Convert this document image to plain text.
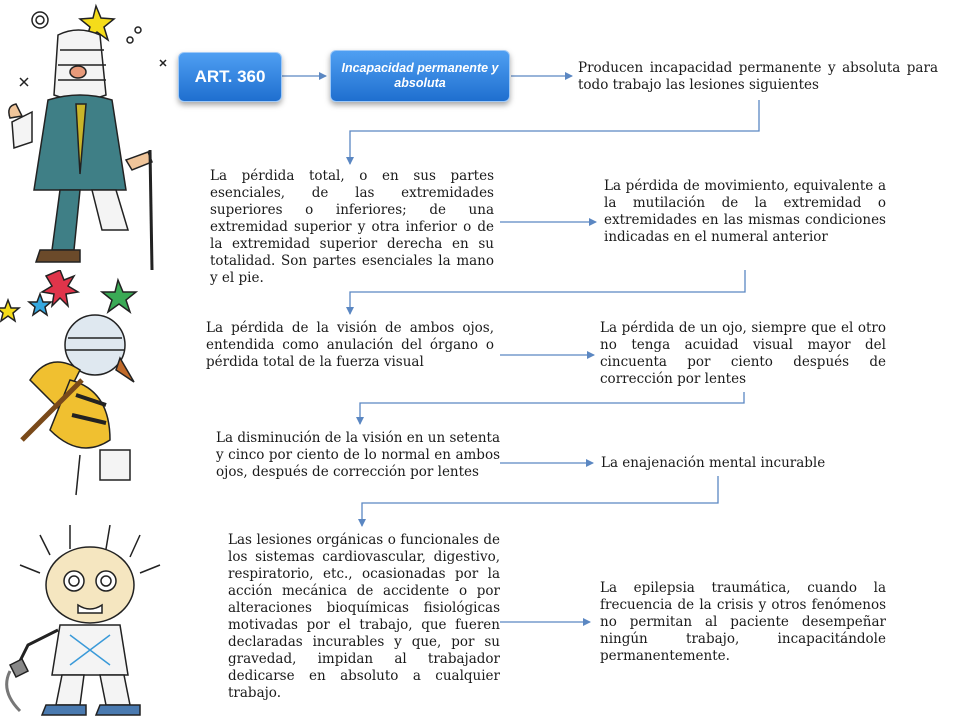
ART. 360	Incapacidad permanente y absoluta
Producen incapacidad permanente y absoluta para todo trabajo las lesiones siguientes
La pérdida total, o en sus partes esenciales, de las extremidades superiores o inferiores; de una extremidad superior y otra inferior o de la extremidad superior derecha en su totalidad. Son partes esenciales la mano y el pie.
La pérdida de movimiento, equivalente a la mutilación de la extremidad o extremidades en las mismas condiciones indicadas en el numeral anterior
La pérdida de la visión de ambos ojos, entendida como anulación del órgano o pérdida total de la fuerza visual
La pérdida de un ojo, siempre que el otro no tenga acuidad visual mayor del cincuenta por ciento después de corrección por lentes
La disminución de la visión en un setenta y cinco por ciento de lo normal en ambos ojos, después de corrección por lentes
La enajenación mental incurable
Las lesiones orgánicas o funcionales de los sistemas cardiovascular, digestivo, respiratorio, etc., ocasionadas por la acción mecánica de accidente o por alteraciones bioquímicas fisiológicas motivadas por el trabajo, que fueren declaradas incurables y que, por su gravedad, impidan al trabajador dedicarse en absoluto a cualquier trabajo.
La epilepsia traumática, cuando la frecuencia de la crisis y otros fenómenos no permitan al paciente desempeñar ningún trabajo, incapacitándole permanentemente.
